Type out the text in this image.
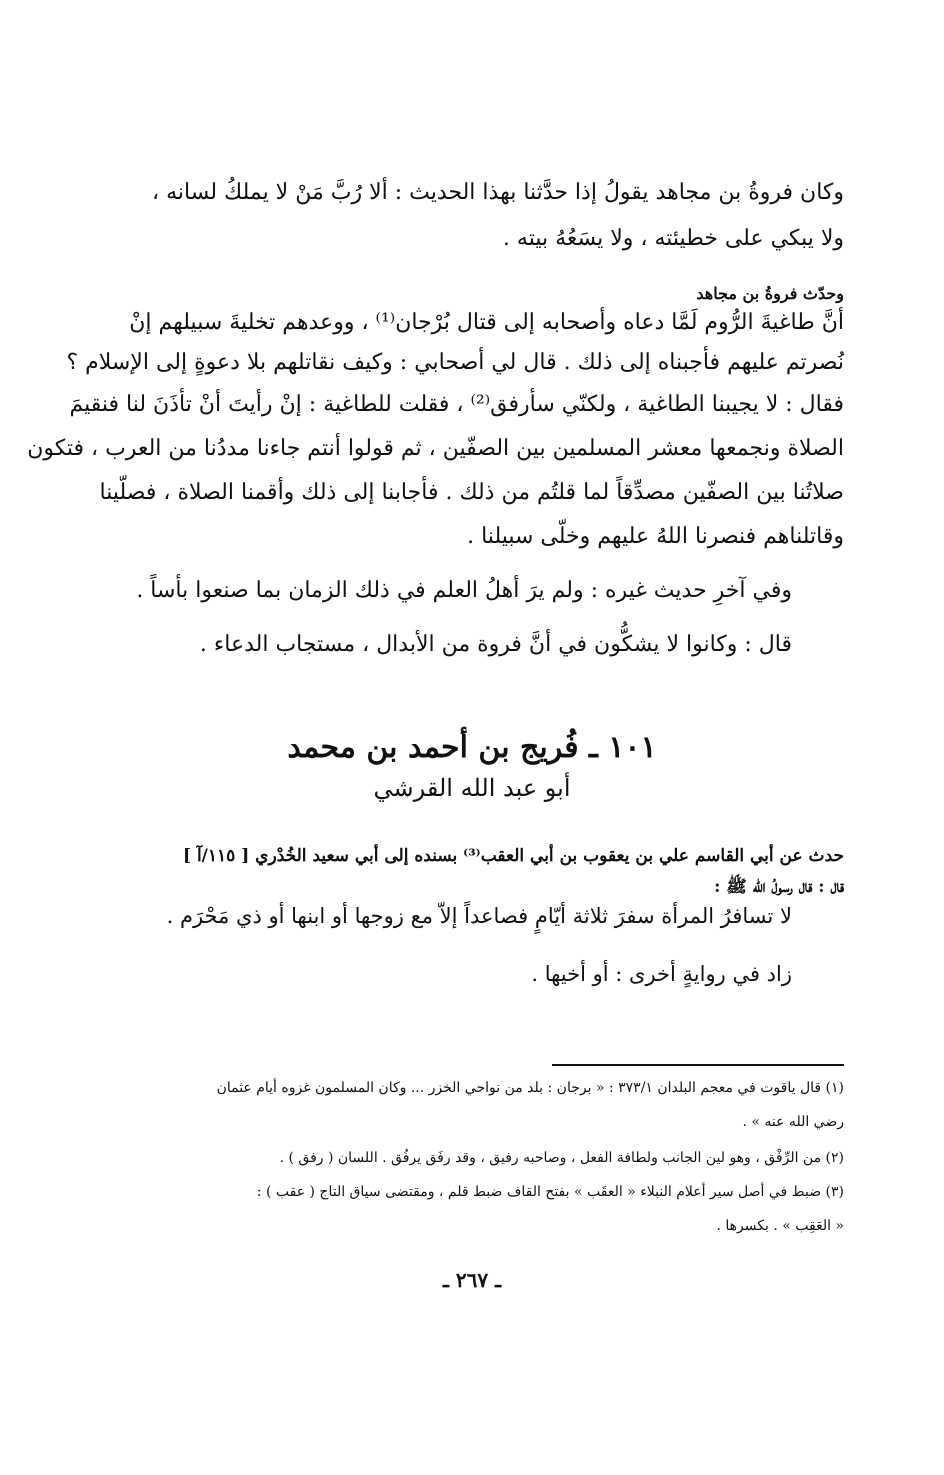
وكان فروةُ بن مجاهد يقولُ إذا حدَّثنا بهذا الحديث : ألا رُبَّ مَنْ لا يملكُ لسانه ،
ولا يبكي على خطيئته ، ولا يسَعُهُ بيته .
وحدّث فروةُ بن مجاهد
أنَّ طاغيةَ الرُّوم لَمَّا دعاه وأصحابه إلى قتال بُرْجان⁽¹⁾ ، ووعدهم تخليةَ سبيلهم إنْ
نُصرتم عليهم فأجبناه إلى ذلك . قال لي أصحابي : وكيف نقاتلهم بلا دعوةٍ إلى الإسلام ؟
فقال : لا يجيبنا الطاغية ، ولكنّي سأرفق⁽²⁾ ، فقلت للطاغية : إنْ رأيتَ أنْ تأذَنَ لنا فنقيمَ
الصلاة ونجمعها معشر المسلمين بين الصفّين ، ثم قولوا أنتم جاءنا مددُنا من العرب ، فتكون
صلاتُنا بين الصفّين مصدِّقاً لما قلتُم من ذلك . فأجابنا إلى ذلك وأقمنا الصلاة ، فصلّينا
وقاتلناهم فنصرنا اللهُ عليهم وخلّى سبيلنا .
وفي آخرِ حديث غيره : ولم يرَ أهلُ العلم في ذلك الزمان بما صنعوا بأساً .
قال : وكانوا لا يشكُّون في أنَّ فروة من الأبدال ، مستجاب الدعاء .
١٠١ ـ فُريج بن أحمد بن محمد
أبو عبد الله القرشي
حدث عن أبي القاسم علي بن يعقوب بن أبي العقب⁽³⁾ بسنده إلى أبي سعيد الخُدْري [ ١١٥/آ ]
قال : قال رسولُ الله ﷺ :
لا تسافرُ المرأة سفرَ ثلاثة أيّامٍ فصاعداً إلاّ مع زوجها أو ابنها أو ذي مَحْرَم .
زاد في روايةٍ أخرى : أو أخيها .
(١) قال ياقوت في معجم البلدان ٣٧٣/١ : « برجان : بلد من نواحي الخزر ... وكان المسلمون غزوه أيام عثمان
رضي الله عنه » .
(٢) من الرِّفْق ، وهو لين الجانب ولطافة الفعل ، وصاحبه رفيق ، وقد رفَق يرفُق . اللسان ( رفق ) .
(٣) ضبط في أصل سير أعلام النبلاء « العقَب » بفتح القاف ضبط قلم ، ومقتضى سياق التاج ( عقب ) :
« العَقِب » . بكسرها .
ـ ٢٦٧ ـ
